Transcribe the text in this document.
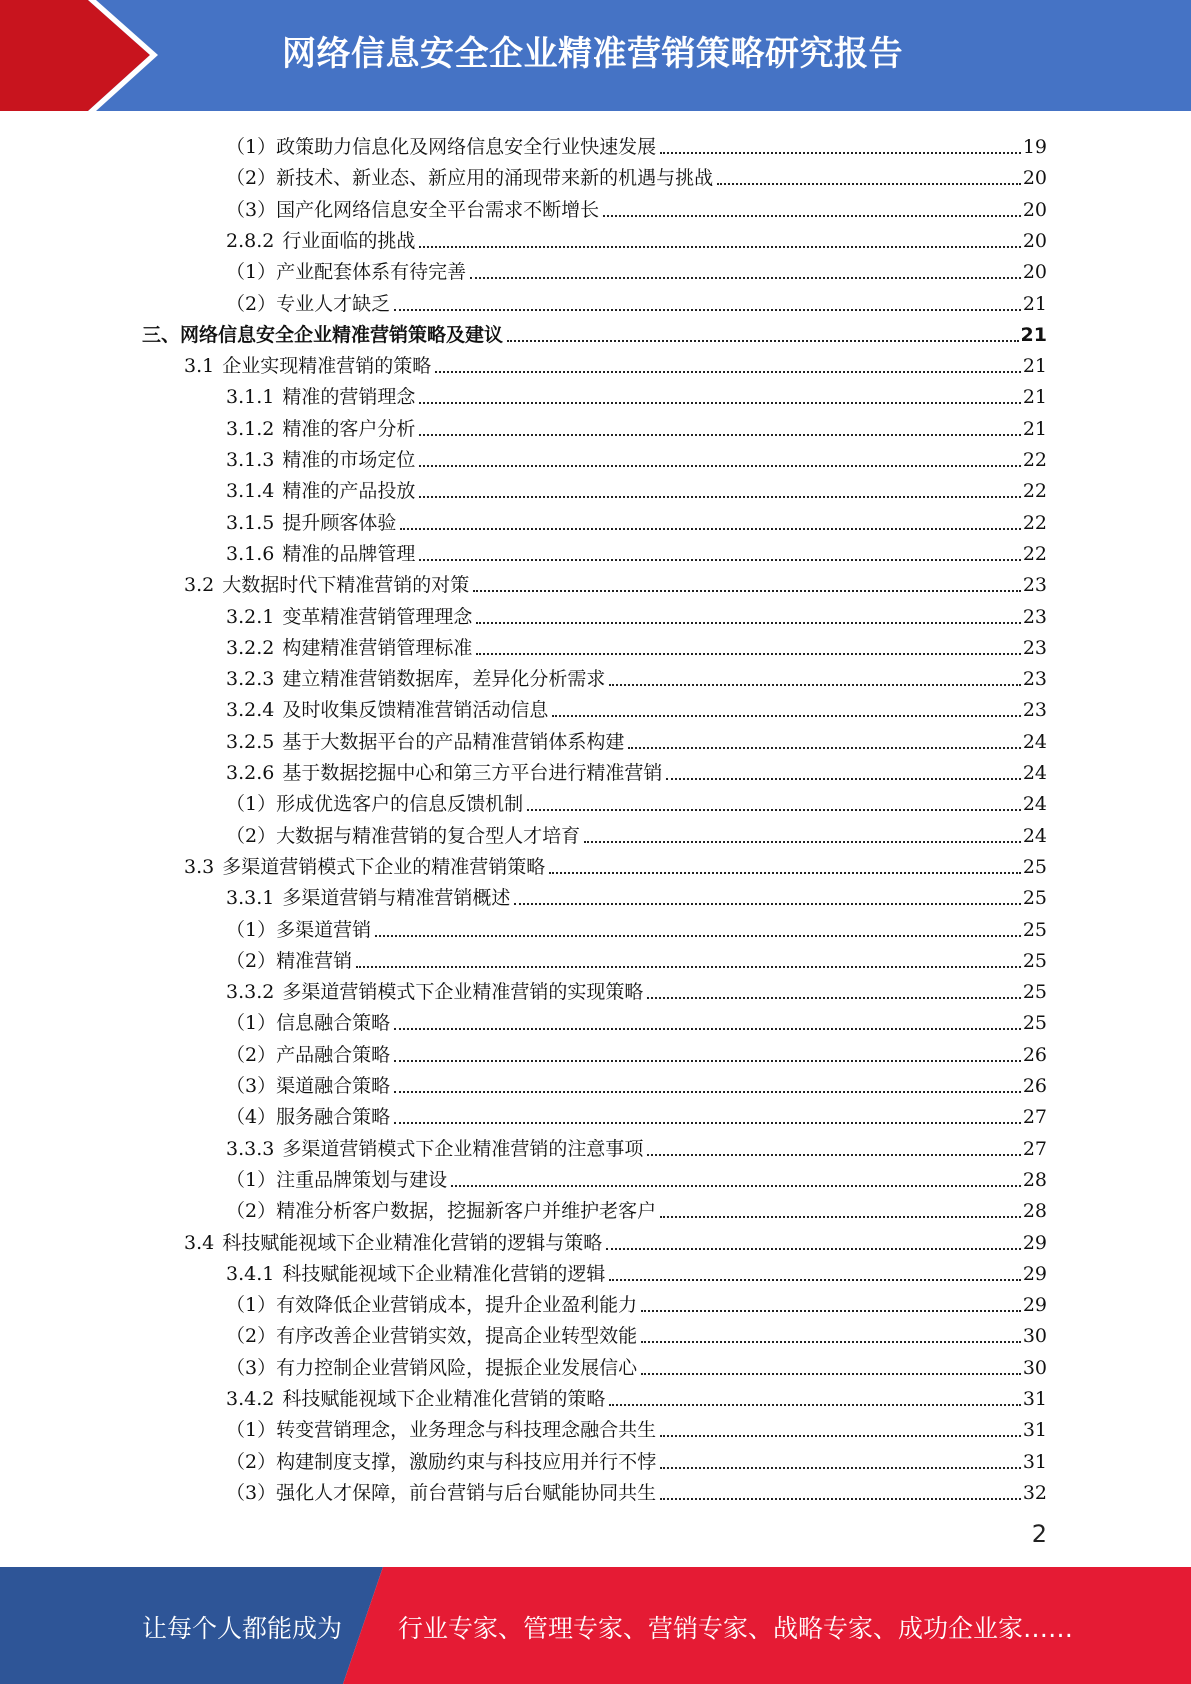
网络信息安全企业精准营销策略研究报告
（1）政策助力信息化及网络信息安全行业快速发展	19
（2）新技术、新业态、新应用的涌现带来新的机遇与挑战	20
（3）国产化网络信息安全平台需求不断增长	20
2.8.2 行业面临的挑战	20
（1）产业配套体系有待完善	20
（2）专业人才缺乏	21
三、网络信息安全企业精准营销策略及建议	21
3.1 企业实现精准营销的策略	21
3.1.1 精准的营销理念	21
3.1.2 精准的客户分析	21
3.1.3 精准的市场定位	22
3.1.4 精准的产品投放	22
3.1.5 提升顾客体验	22
3.1.6 精准的品牌管理	22
3.2 大数据时代下精准营销的对策	23
3.2.1 变革精准营销管理理念	23
3.2.2 构建精准营销管理标准	23
3.2.3 建立精准营销数据库，差异化分析需求	23
3.2.4 及时收集反馈精准营销活动信息	23
3.2.5 基于大数据平台的产品精准营销体系构建	24
3.2.6 基于数据挖掘中心和第三方平台进行精准营销	24
（1）形成优选客户的信息反馈机制	24
（2）大数据与精准营销的复合型人才培育	24
3.3 多渠道营销模式下企业的精准营销策略	25
3.3.1 多渠道营销与精准营销概述	25
（1）多渠道营销	25
（2）精准营销	25
3.3.2 多渠道营销模式下企业精准营销的实现策略	25
（1）信息融合策略	25
（2）产品融合策略	26
（3）渠道融合策略	26
（4）服务融合策略	27
3.3.3 多渠道营销模式下企业精准营销的注意事项	27
（1）注重品牌策划与建设	28
（2）精准分析客户数据，挖掘新客户并维护老客户	28
3.4 科技赋能视域下企业精准化营销的逻辑与策略	29
3.4.1 科技赋能视域下企业精准化营销的逻辑	29
（1）有效降低企业营销成本，提升企业盈利能力	29
（2）有序改善企业营销实效，提高企业转型效能	30
（3）有力控制企业营销风险，提振企业发展信心	30
3.4.2 科技赋能视域下企业精准化营销的策略	31
（1）转变营销理念，业务理念与科技理念融合共生	31
（2）构建制度支撑，激励约束与科技应用并行不悖	31
（3）强化人才保障，前台营销与后台赋能协同共生	32
2
让每个人都能成为 行业专家、管理专家、营销专家、战略专家、成功企业家……
